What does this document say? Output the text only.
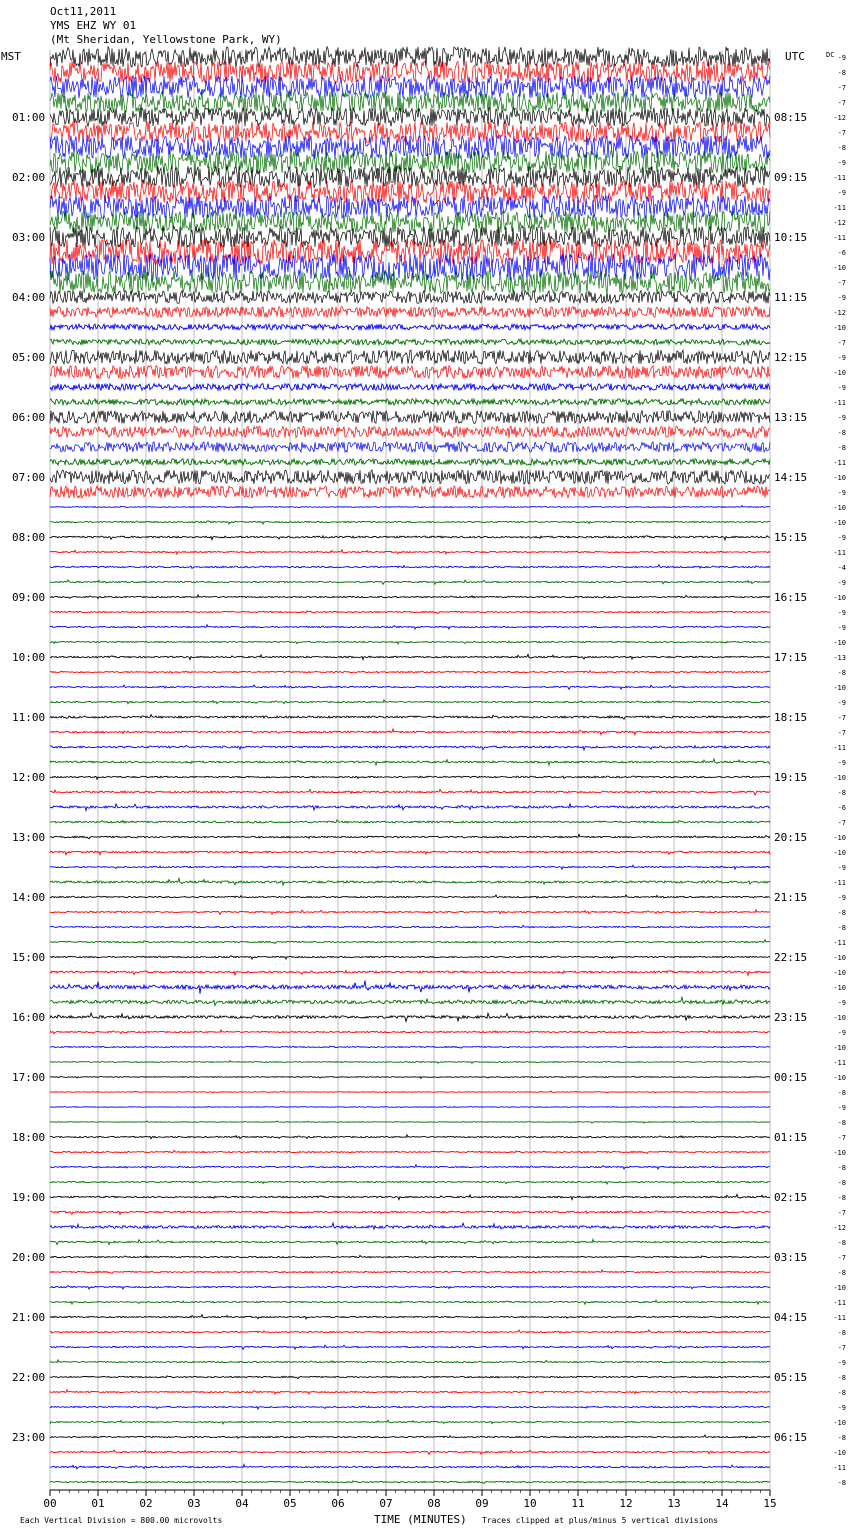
Oct11,2011
YMS EHZ WY 01
(Mt Sheridan, Yellowstone Park, WY)
00	01	02	03	04	05	06	07	08	09	10	11	12	13	14	15
01:00
02:00
03:00
04:00
05:00
06:00
07:00
08:00
09:00
10:00
11:00
12:00
13:00
14:00
15:00
16:00
17:00
18:00
19:00
20:00
21:00
22:00
23:00
08:15
09:15
10:15
11:15
12:15
13:15
14:15
15:15
16:15
17:15
18:15
19:15
20:15
21:15
22:15
23:15
00:15
01:15
02:15
03:15
04:15
05:15
06:15
-9
-8
-7
-7
-12
-7
-8
-9
-11
-9
-11
-12
-11
-6
-10
-7
-9
-12
-10
-7
-9
-10
-9
-11
-9
-8
-8
-11
-10
-9
-10
-10
-9
-11
-4
-9
-10
-9
-9
-10
-13
-8
-10
-9
-7
-7
-11
-9
-10
-8
-6
-7
-10
-10
-9
-11
-9
-8
-8
-11
-10
-10
-10
-9
-10
-9
-10
-11
-10
-8
-9
-8
-7
-10
-8
-8
-8
-7
-12
-8
-7
-8
-10
-11
-11
-8
-7
-9
-8
-8
-9
-10
-8
-10
-11
-8
MST	UTC	DC
Each Vertical Division = 800.00 microvolts	TIME (MINUTES) Traces clipped at plus/minus 5 vertical divisions
